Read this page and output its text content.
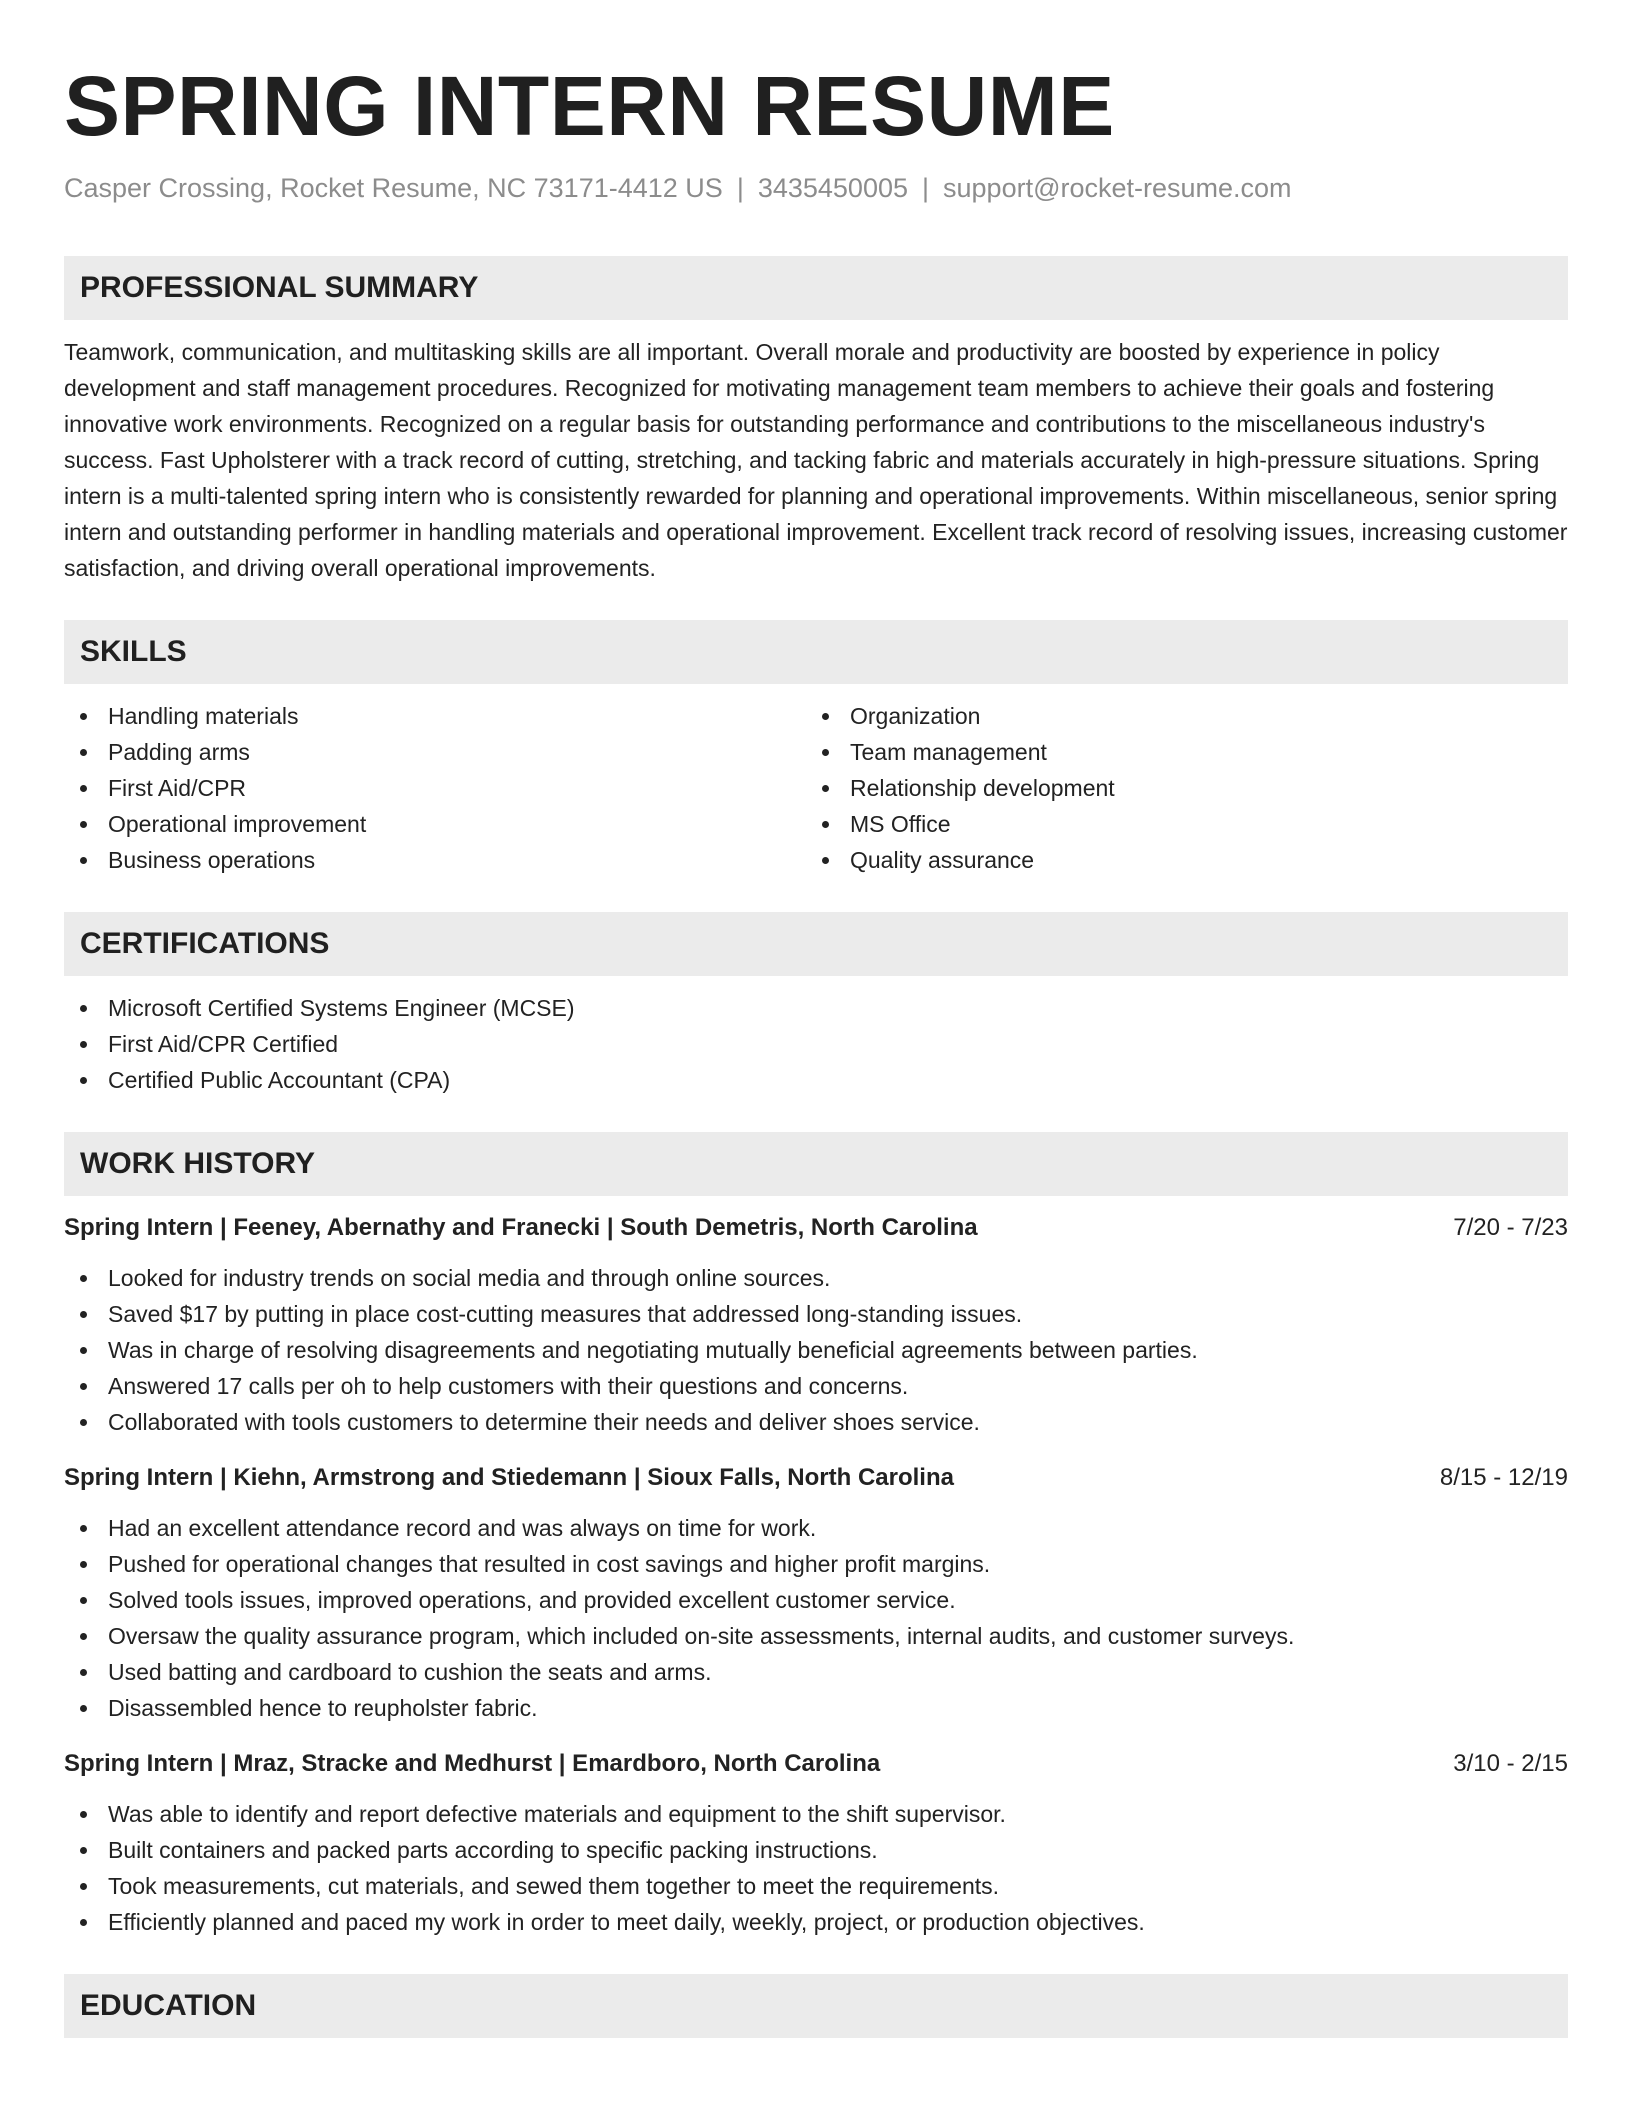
SPRING INTERN RESUME
Casper Crossing, Rocket Resume, NC 73171-4412 US | 3435450005 | support@rocket-resume.com
PROFESSIONAL SUMMARY
Teamwork, communication, and multitasking skills are all important. Overall morale and productivity are boosted by experience in policy development and staff management procedures. Recognized for motivating management team members to achieve their goals and fostering innovative work environments. Recognized on a regular basis for outstanding performance and contributions to the miscellaneous industry's success. Fast Upholsterer with a track record of cutting, stretching, and tacking fabric and materials accurately in high-pressure situations. Spring intern is a multi-talented spring intern who is consistently rewarded for planning and operational improvements. Within miscellaneous, senior spring intern and outstanding performer in handling materials and operational improvement. Excellent track record of resolving issues, increasing customer satisfaction, and driving overall operational improvements.
SKILLS
Handling materials
Padding arms
First Aid/CPR
Operational improvement
Business operations
Organization
Team management
Relationship development
MS Office
Quality assurance
CERTIFICATIONS
Microsoft Certified Systems Engineer (MCSE)
First Aid/CPR Certified
Certified Public Accountant (CPA)
WORK HISTORY
Spring Intern | Feeney, Abernathy and Franecki | South Demetris, North Carolina	7/20 - 7/23
Looked for industry trends on social media and through online sources.
Saved $17 by putting in place cost-cutting measures that addressed long-standing issues.
Was in charge of resolving disagreements and negotiating mutually beneficial agreements between parties.
Answered 17 calls per oh to help customers with their questions and concerns.
Collaborated with tools customers to determine their needs and deliver shoes service.
Spring Intern | Kiehn, Armstrong and Stiedemann | Sioux Falls, North Carolina	8/15 - 12/19
Had an excellent attendance record and was always on time for work.
Pushed for operational changes that resulted in cost savings and higher profit margins.
Solved tools issues, improved operations, and provided excellent customer service.
Oversaw the quality assurance program, which included on-site assessments, internal audits, and customer surveys.
Used batting and cardboard to cushion the seats and arms.
Disassembled hence to reupholster fabric.
Spring Intern | Mraz, Stracke and Medhurst | Emardboro, North Carolina	3/10 - 2/15
Was able to identify and report defective materials and equipment to the shift supervisor.
Built containers and packed parts according to specific packing instructions.
Took measurements, cut materials, and sewed them together to meet the requirements.
Efficiently planned and paced my work in order to meet daily, weekly, project, or production objectives.
EDUCATION
